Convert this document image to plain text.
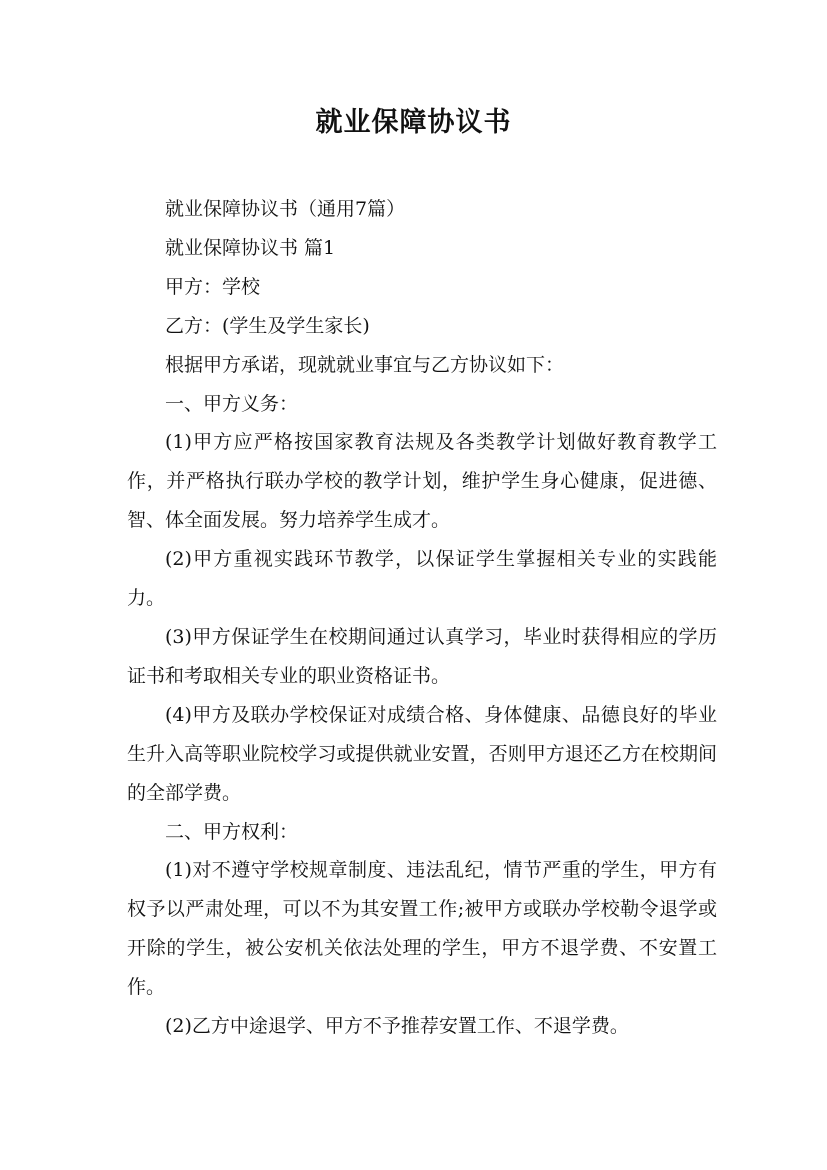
就业保障协议书

就业保障协议书（通用7篇）

就业保障协议书 篇1

甲方：学校

乙方：(学生及学生家长)

根据甲方承诺，现就就业事宜与乙方协议如下：

一、甲方义务：

(1)甲方应严格按国家教育法规及各类教学计划做好教育教学工作，并严格执行联办学校的教学计划，维护学生身心健康，促进德、智、体全面发展。努力培养学生成才。

(2)甲方重视实践环节教学，以保证学生掌握相关专业的实践能力。

(3)甲方保证学生在校期间通过认真学习，毕业时获得相应的学历证书和考取相关专业的职业资格证书。

(4)甲方及联办学校保证对成绩合格、身体健康、品德良好的毕业生升入高等职业院校学习或提供就业安置，否则甲方退还乙方在校期间的全部学费。

二、甲方权利：

(1)对不遵守学校规章制度、违法乱纪，情节严重的学生，甲方有权予以严肃处理，可以不为其安置工作;被甲方或联办学校勒令退学或开除的学生，被公安机关依法处理的学生，甲方不退学费、不安置工作。

(2)乙方中途退学、甲方不予推荐安置工作、不退学费。
